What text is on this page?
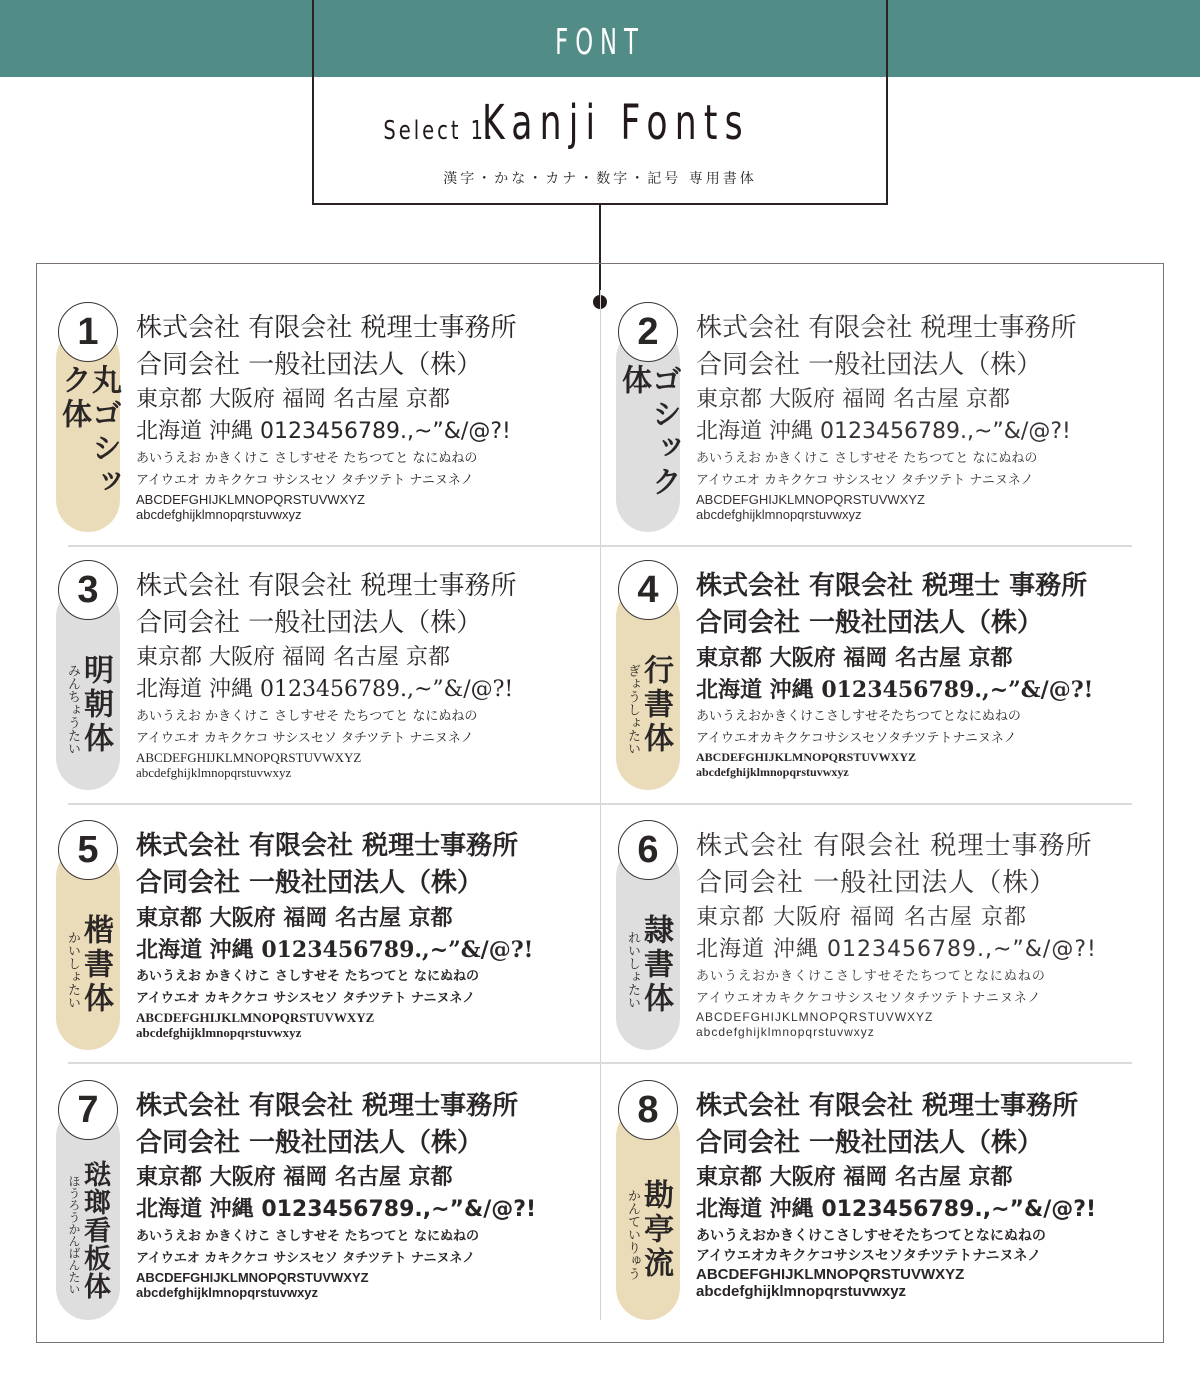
FONT
Select 1. Kanji Fonts
漢字・かな・カナ・数字・記号 専用書体
1
丸ゴシック体
株式会社 有限会社 税理士事務所
合同会社 一般社団法人（株）
東京都 大阪府 福岡 名古屋 京都
北海道 沖縄 0123456789.,~”&/@?!
あいうえお かきくけこ さしすせそ たちつてと なにぬねの
アイウエオ カキクケコ サシスセソ タチツテト ナニヌネノ
ABCDEFGHIJKLMNOPQRSTUVWXYZ
abcdefghijklmnopqrstuvwxyz
2
ゴシック体
株式会社 有限会社 税理士事務所
合同会社 一般社団法人（株）
東京都 大阪府 福岡 名古屋 京都
北海道 沖縄 0123456789.,~”&/@?!
あいうえお かきくけこ さしすせそ たちつてと なにぬねの
アイウエオ カキクケコ サシスセソ タチツテト ナニヌネノ
ABCDEFGHIJKLMNOPQRSTUVWXYZ
abcdefghijklmnopqrstuvwxyz
3
みんちょうたい
明朝体
株式会社 有限会社 税理士事務所
合同会社 一般社団法人（株）
東京都 大阪府 福岡 名古屋 京都
北海道 沖縄 0123456789.,~”&/@?!
あいうえお かきくけこ さしすせそ たちつてと なにぬねの
アイウエオ カキクケコ サシスセソ タチツテト ナニヌネノ
ABCDEFGHIJKLMNOPQRSTUVWXYZ
abcdefghijklmnopqrstuvwxyz
4
ぎょうしょたい
行書体
株式会社 有限会社 税理士 事務所
合同会社 一般社団法人（株）
東京都 大阪府 福岡 名古屋 京都
北海道 沖縄 0123456789.,~”&/@?!
あいうえおかきくけこさしすせそたちつてとなにぬねの
アイウエオカキクケコサシスセソタチツテトナニヌネノ
ABCDEFGHIJKLMNOPQRSTUVWXYZ
abcdefghijklmnopqrstuvwxyz
5
かいしょたい
楷書体
株式会社 有限会社 税理士事務所
合同会社 一般社団法人（株）
東京都 大阪府 福岡 名古屋 京都
北海道 沖縄 0123456789.,~”&/@?!
あいうえお かきくけこ さしすせそ たちつてと なにぬねの
アイウエオ カキクケコ サシスセソ タチツテト ナニヌネノ
ABCDEFGHIJKLMNOPQRSTUVWXYZ
abcdefghijklmnopqrstuvwxyz
6
れいしょたい
隷書体
株式会社 有限会社 税理士事務所
合同会社 一般社団法人（株）
東京都 大阪府 福岡 名古屋 京都
北海道 沖縄 0123456789.,~”&/@?!
あいうえおかきくけこさしすせそたちつてとなにぬねの
アイウエオカキクケコサシスセソタチツテトナニヌネノ
ABCDEFGHIJKLMNOPQRSTUVWXYZ
abcdefghijklmnopqrstuvwxyz
7
ほうろうかんばんたい
琺瑯看板体
株式会社 有限会社 税理士事務所
合同会社 一般社団法人（株）
東京都 大阪府 福岡 名古屋 京都
北海道 沖縄 0123456789.,~”&/@?!
あいうえお かきくけこ さしすせそ たちつてと なにぬねの
アイウエオ カキクケコ サシスセソ タチツテト ナニヌネノ
ABCDEFGHIJKLMNOPQRSTUVWXYZ
abcdefghijklmnopqrstuvwxyz
8
かんていりゅう
勘亭流
株式会社 有限会社 税理士事務所
合同会社 一般社団法人（株）
東京都 大阪府 福岡 名古屋 京都
北海道 沖縄 0123456789.,~”&/@?!
あいうえおかきくけこさしすせそたちつてとなにぬねの
アイウエオカキクケコサシスセソタチツテトナニヌネノ
ABCDEFGHIJKLMNOPQRSTUVWXYZ
abcdefghijklmnopqrstuvwxyz
